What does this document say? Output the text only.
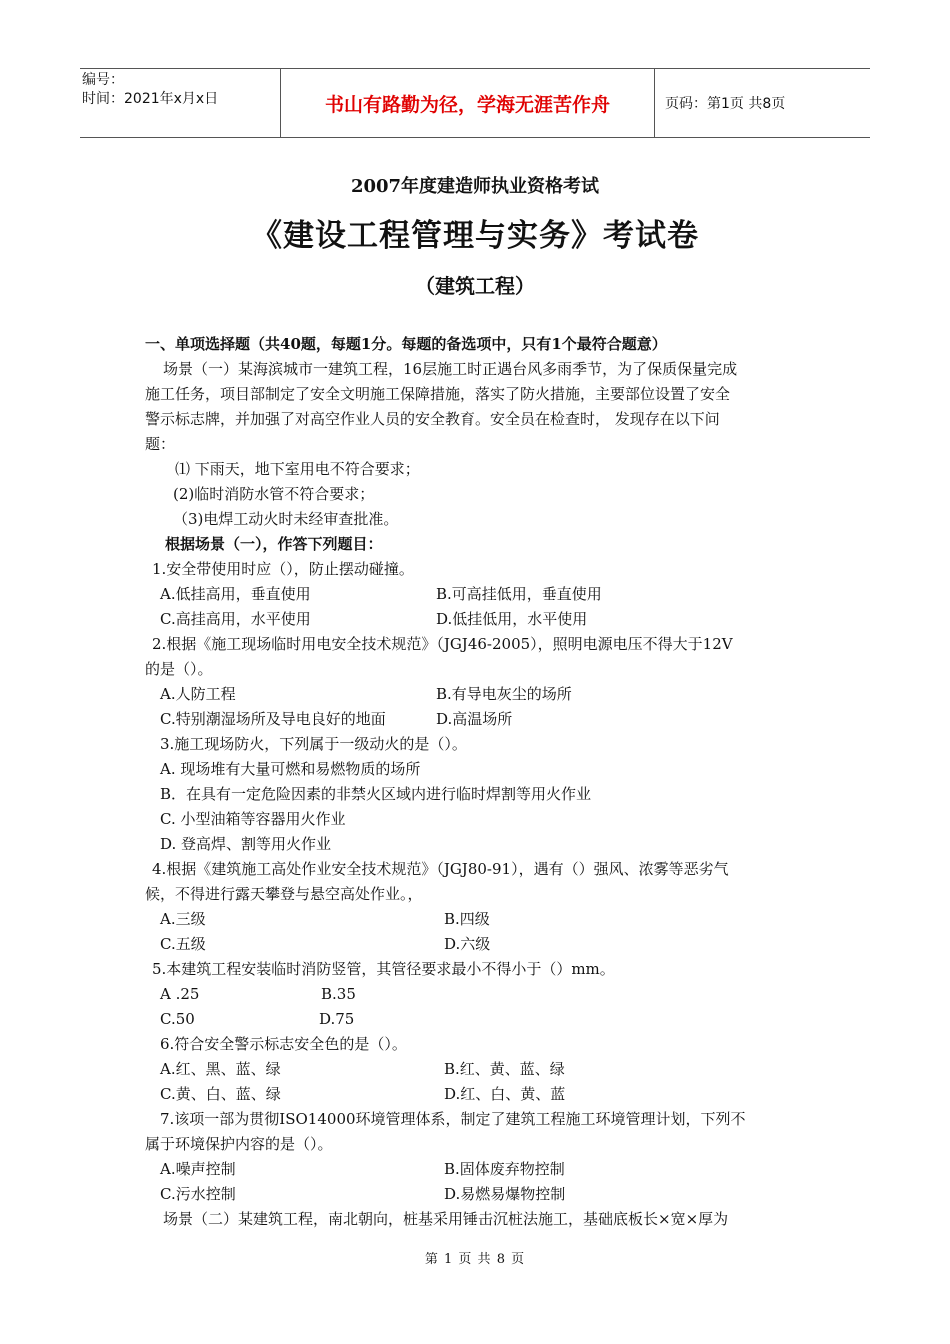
编号：
时间：2021年x月x日	书山有路勤为径，学海无涯苦作舟	页码：第1页 共8页
2007年度建造师执业资格考试
《建设工程管理与实务》考试卷
（建筑工程）
一、单项选择题（共40题，每题1分。每题的备选项中，只有1个最符合题意）
场景（一）某海滨城市一建筑工程，16层施工时正遇台风多雨季节，为了保质保量完成
施工任务，项目部制定了安全文明施工保障措施，落实了防火措施，主要部位设置了安全
警示标志牌，并加强了对高空作业人员的安全教育。安全员在检查时， 发现存在以下问
题：
⑴ 下雨天，地下室用电不符合要求；
(2)临时消防水管不符合要求；
（3)电焊工动火时未经审查批准。
根据场景（一），作答下列题目：
1.安全带使用时应（），防止摆动碰撞。
A.低挂高用，垂直使用	B.可高挂低用，垂直使用
C.高挂高用，水平使用	D.低挂低用，水平使用
2.根据《施工现场临时用电安全技术规范》（JGJ46-2005），照明电源电压不得大于12V
的是（）。
A.人防工程	B.有导电灰尘的场所
C.特别潮湿场所及导电良好的地面	D.高温场所
3.施工现场防火，下列属于一级动火的是（）。
A. 现场堆有大量可燃和易燃物质的场所
B．在具有一定危险因素的非禁火区域内进行临时焊割等用火作业
C. 小型油箱等容器用火作业
D. 登高焊、割等用火作业
4.根据《建筑施工高处作业安全技术规范》（JGJ80-91），遇有（）强风、浓雾等恶劣气
候，不得进行露天攀登与悬空高处作业。，
A.三级	B.四级
C.五级	D.六级
5.本建筑工程安装临时消防竖管，其管径要求最小不得小于（）mm。
A .25	B.35
C.50	D.75
6.符合安全警示标志安全色的是（）。
A.红、黑、蓝、绿	B.红、黄、蓝、绿
C.黄、白、蓝、绿	D.红、白、黄、蓝
7.该项一部为贯彻ISO14000环境管理体系，制定了建筑工程施工环境管理计划，下列不
属于环境保护内容的是（）。
A.噪声控制	B.固体废弃物控制
C.污水控制	D.易燃易爆物控制
场景（二）某建筑工程，南北朝向，桩基采用锤击沉桩法施工，基础底板长×宽×厚为
第 1 页 共 8 页
